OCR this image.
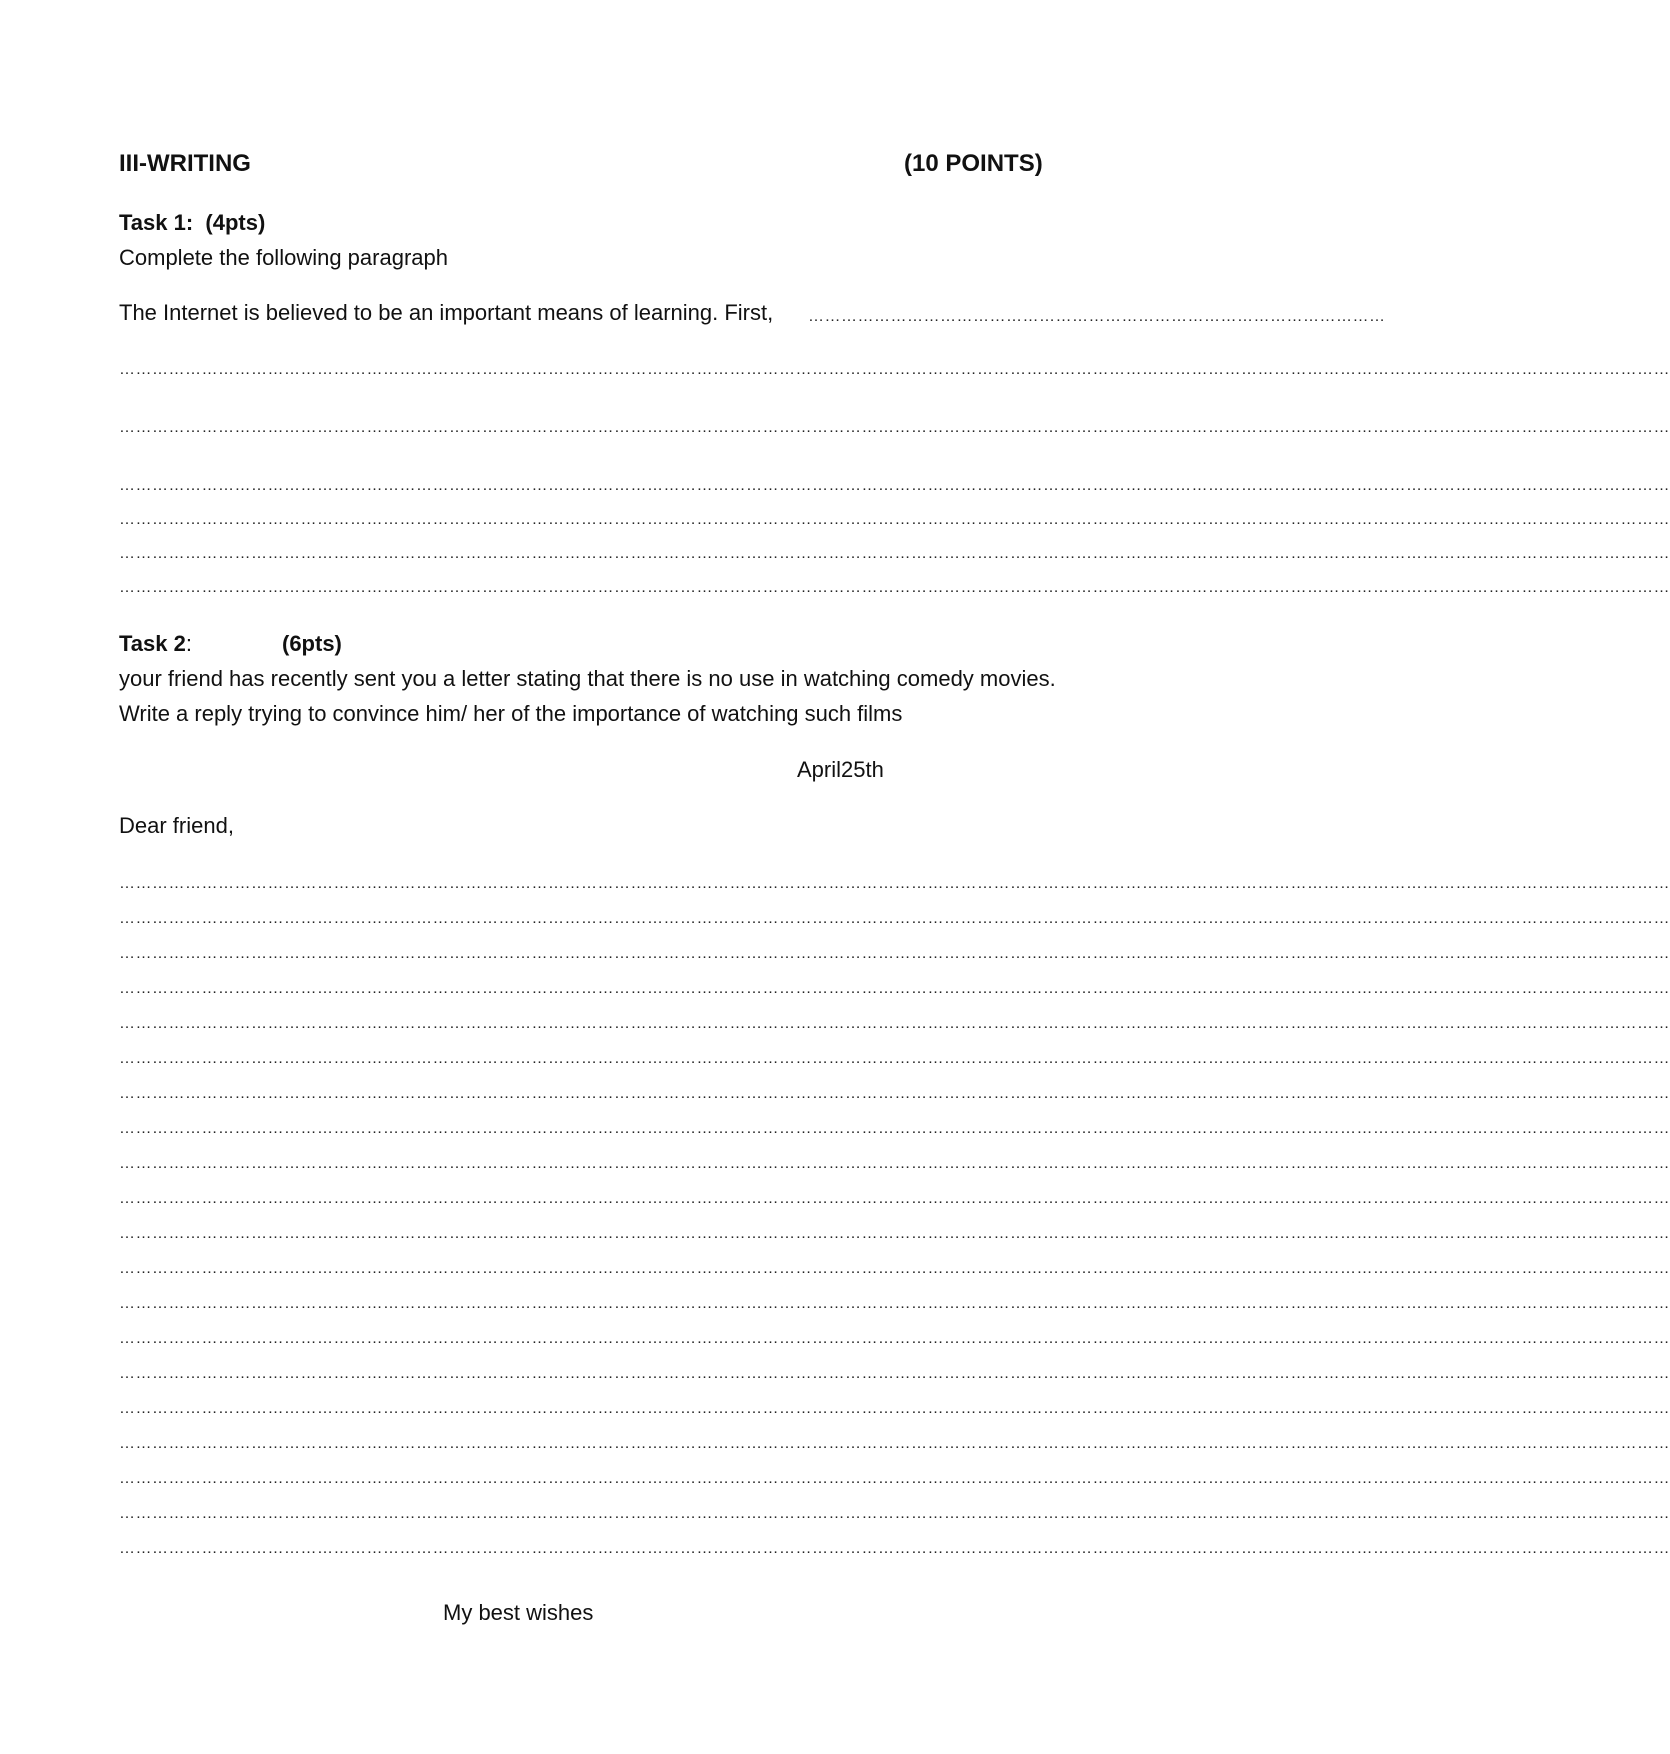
III-WRITING	(10 POINTS)
Task 1: (4pts)
Complete the following paragraph
The Internet is believed to be an important means of learning. First, ……………………………………………………………………………………………
…………………………………………………………………………………………………………………………………………………………………………………………………………………………………………………………
…………………………………………………………………………………………………………………………………………………………………………………………………………………………………………………………
…………………………………………………………………………………………………………………………………………………………………………………………………………………………………………………………
…………………………………………………………………………………………………………………………………………………………………………………………………………………………………………………………
…………………………………………………………………………………………………………………………………………………………………………………………………………………………………………………………
…………………………………………………………………………………………………………………………………………………………………………………………………………………………………………………………
Task 2:	(6pts)
your friend has recently sent you a letter stating that there is no use in watching comedy movies.
Write a reply trying to convince him/ her of the importance of watching such films
April25th
Dear friend,
…………………………………………………………………………………………………………………………………………………………………………………………………………………………………………………………
…………………………………………………………………………………………………………………………………………………………………………………………………………………………………………………………
…………………………………………………………………………………………………………………………………………………………………………………………………………………………………………………………
…………………………………………………………………………………………………………………………………………………………………………………………………………………………………………………………
…………………………………………………………………………………………………………………………………………………………………………………………………………………………………………………………
…………………………………………………………………………………………………………………………………………………………………………………………………………………………………………………………
…………………………………………………………………………………………………………………………………………………………………………………………………………………………………………………………
…………………………………………………………………………………………………………………………………………………………………………………………………………………………………………………………
…………………………………………………………………………………………………………………………………………………………………………………………………………………………………………………………
…………………………………………………………………………………………………………………………………………………………………………………………………………………………………………………………
…………………………………………………………………………………………………………………………………………………………………………………………………………………………………………………………
…………………………………………………………………………………………………………………………………………………………………………………………………………………………………………………………
…………………………………………………………………………………………………………………………………………………………………………………………………………………………………………………………
…………………………………………………………………………………………………………………………………………………………………………………………………………………………………………………………
…………………………………………………………………………………………………………………………………………………………………………………………………………………………………………………………
…………………………………………………………………………………………………………………………………………………………………………………………………………………………………………………………
…………………………………………………………………………………………………………………………………………………………………………………………………………………………………………………………
…………………………………………………………………………………………………………………………………………………………………………………………………………………………………………………………
…………………………………………………………………………………………………………………………………………………………………………………………………………………………………………………………
…………………………………………………………………………………………………………………………………………………………………………………………………………………………………………………………
My best wishes
